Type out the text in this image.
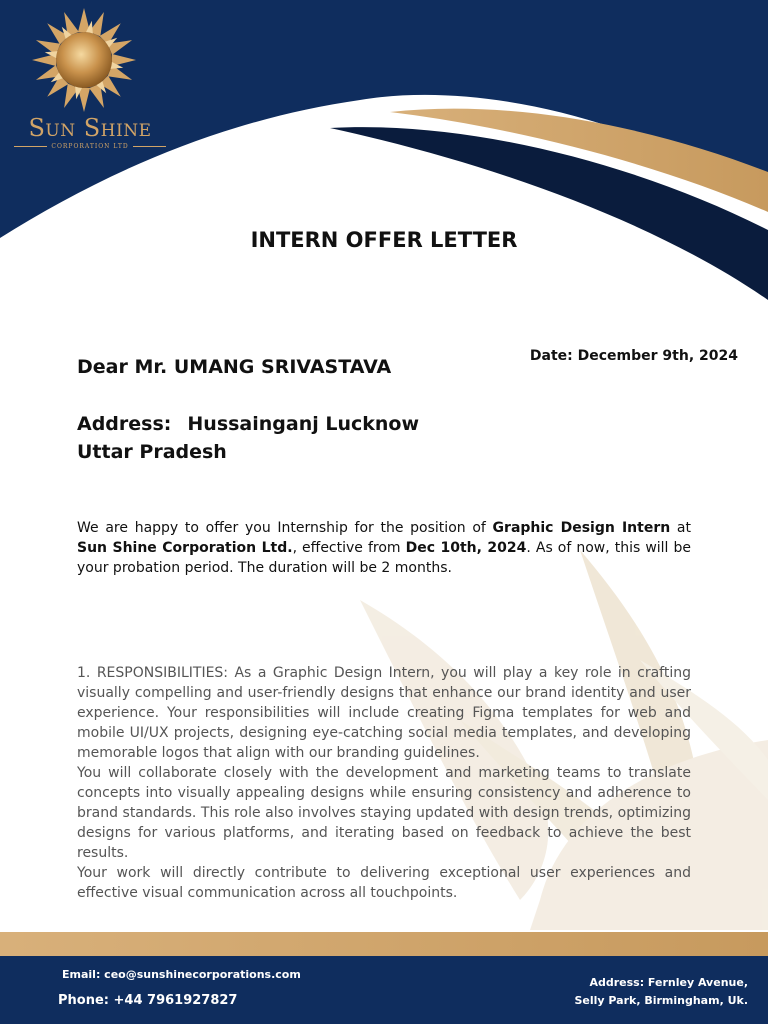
Sun Shine
CORPORATION LTD
INTERN OFFER LETTER
Date: December 9th, 2024
Dear Mr. UMANG SRIVASTAVA
Address: Hussainganj Lucknow
Uttar Pradesh
We are happy to offer you Internship for the position of Graphic Design Intern at Sun Shine Corporation Ltd., effective from Dec 10th, 2024. As of now, this will be your probation period. The duration will be 2 months.

1. RESPONSIBILITIES: As a Graphic Design Intern, you will play a key role in crafting visually compelling and user-friendly designs that enhance our brand identity and user experience. Your responsibilities will include creating Figma templates for web and mobile UI/UX projects, designing eye-catching social media templates, and developing memorable logos that align with our branding guidelines.

You will collaborate closely with the development and marketing teams to translate concepts into visually appealing designs while ensuring consistency and adherence to brand standards. This role also involves staying updated with design trends, optimizing designs for various platforms, and iterating based on feedback to achieve the best results.

Your work will directly contribute to delivering exceptional user experiences and effective visual communication across all touchpoints.

Email: ceo@sunshinecorporations.com
Phone: +44 7961927827
Address: Fernley Avenue,
Selly Park, Birmingham, Uk.
